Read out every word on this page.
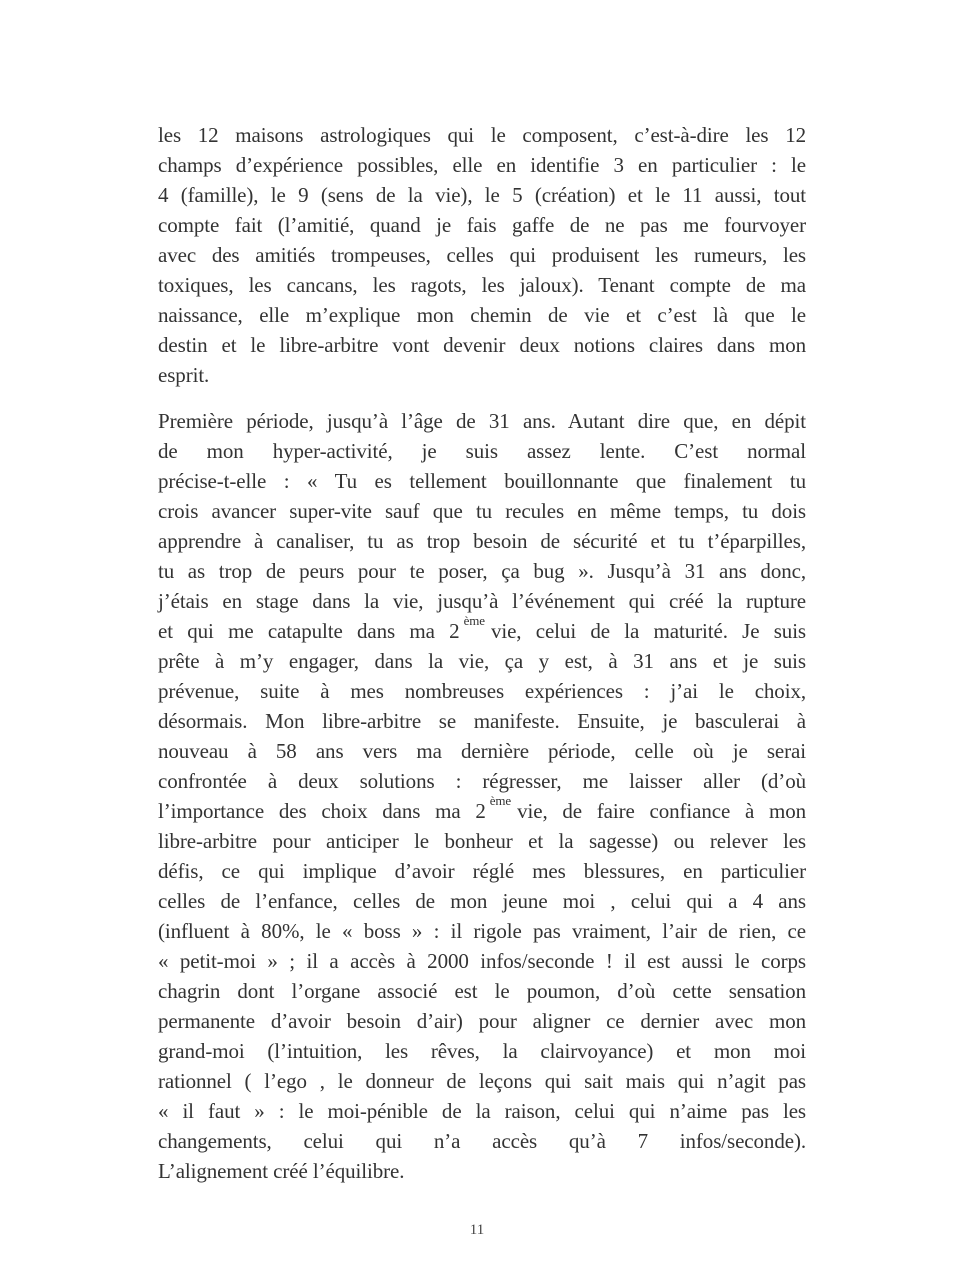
les 12 maisons astrologiques qui le composent, c’est-à-dire les 12
champs d’expérience possibles, elle en identifie 3 en particulier : le
4 (famille), le 9 (sens de la vie), le 5 (création) et le 11 aussi, tout
compte fait (l’amitié, quand je fais gaffe de ne pas me fourvoyer
avec des amitiés trompeuses, celles qui produisent les rumeurs, les
toxiques, les cancans, les ragots, les jaloux). Tenant compte de ma
naissance, elle m’explique mon chemin de vie et c’est là que le
destin et le libre-arbitre vont devenir deux notions claires dans mon
esprit.
Première période, jusqu’à l’âge de 31 ans. Autant dire que, en dépit
de mon hyper-activité, je suis assez lente. C’est normal
précise-t-elle : « Tu es tellement bouillonnante que finalement tu
crois avancer super-vite sauf que tu recules en même temps, tu dois
apprendre à canaliser, tu as trop besoin de sécurité et tu t’éparpilles,
tu as trop de peurs pour te poser, ça bug ». Jusqu’à 31 ans donc,
j’étais en stage dans la vie, jusqu’à l’événement qui créé la rupture
et qui me catapulte dans ma 2 $^{ème}$ vie, celui de la maturité. Je suis
prête à m’y engager, dans la vie, ça y est, à 31 ans et je suis
prévenue, suite à mes nombreuses expériences : j’ai le choix,
désormais. Mon libre-arbitre se manifeste. Ensuite, je basculerai à
nouveau à 58 ans vers ma dernière période, celle où je serai
confrontée à deux solutions : régresser, me laisser aller (d’où
l’importance des choix dans ma 2 $^{ème}$ vie, de faire confiance à mon
libre-arbitre pour anticiper le bonheur et la sagesse) ou relever les
défis, ce qui implique d’avoir réglé mes blessures, en particulier
celles de l’enfance, celles de mon jeune moi , celui qui a 4 ans
(influent à 80%, le « boss » : il rigole pas vraiment, l’air de rien, ce
« petit-moi » ; il a accès à 2000 infos/seconde ! il est aussi le corps
chagrin dont l’organe associé est le poumon, d’où cette sensation
permanente d’avoir besoin d’air) pour aligner ce dernier avec mon
grand-moi (l’intuition, les rêves, la clairvoyance) et mon moi
rationnel ( l’ego , le donneur de leçons qui sait mais qui n’agit pas
« il faut » : le moi-pénible de la raison, celui qui n’aime pas les
changements, celui qui n’a accès qu’à 7 infos/seconde).
L’alignement créé l’équilibre.
11
